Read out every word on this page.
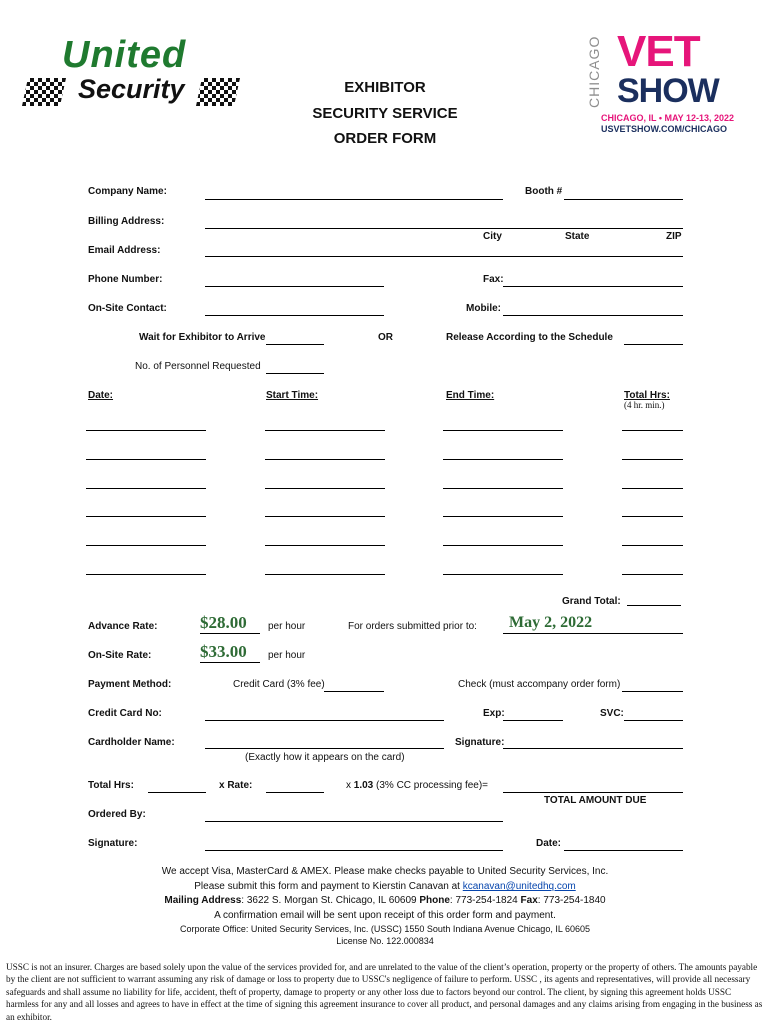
United
Security	CHICAGO VET
SHOW
CHICAGO, IL • MAY 12-13, 2022
USVETSHOW.COM/CHICAGO
EXHIBITOR
SECURITY SERVICE
ORDER FORM
Company Name:	Booth #
Billing Address:
City	State	ZIP
Email Address:
Phone Number:	Fax:
On-Site Contact:	Mobile:
Wait for Exhibitor to Arrive	OR	Release According to the Schedule
No. of Personnel Requested
Date:	Start Time:	End Time:	Total Hrs:
(4 hr. min.)
Grand Total:
Advance Rate:	$28.00 per hour	For orders submitted prior to: May 2, 2022
On-Site Rate:	$33.00 per hour
Payment Method:	Credit Card (3% fee)	Check (must accompany order form)
Credit Card No:	Exp:	SVC:
Cardholder Name:	Signature:
(Exactly how it appears on the card)
Total Hrs:	x Rate:	x 1.03 (3% CC processing fee)=
TOTAL AMOUNT DUE
Ordered By:
Signature:	Date:
We accept Visa, MasterCard & AMEX. Please make checks payable to United Security Services, Inc.
Please submit this form and payment to Kierstin Canavan at kcanavan@unitedhq.com
Mailing Address: 3622 S. Morgan St. Chicago, IL 60609 Phone: 773-254-1824 Fax: 773-254-1840
A confirmation email will be sent upon receipt of this order form and payment.
Corporate Office: United Security Services, Inc. (USSC) 1550 South Indiana Avenue Chicago, IL 60605
License No. 122.000834
USSC is not an insurer. Charges are based solely upon the value of the services provided for, and are unrelated to the value of the client’s operation, property or the property of others. The amounts payable by the client are not sufficient to warrant assuming any risk of damage or loss to property due to USSC's negligence of failure to perform. USSC , its agents and representatives, will provide all necessary safeguards and shall assume no liability for life, accident, theft of property, damage to property or any other loss due to factors beyond our control. The client, by signing this agreement holds USSC harmless for any and all losses and agrees to have in effect at the time of signing this agreement insurance to cover all product, and personal damages and any claims arising from engaging in the business as an exhibitor.
